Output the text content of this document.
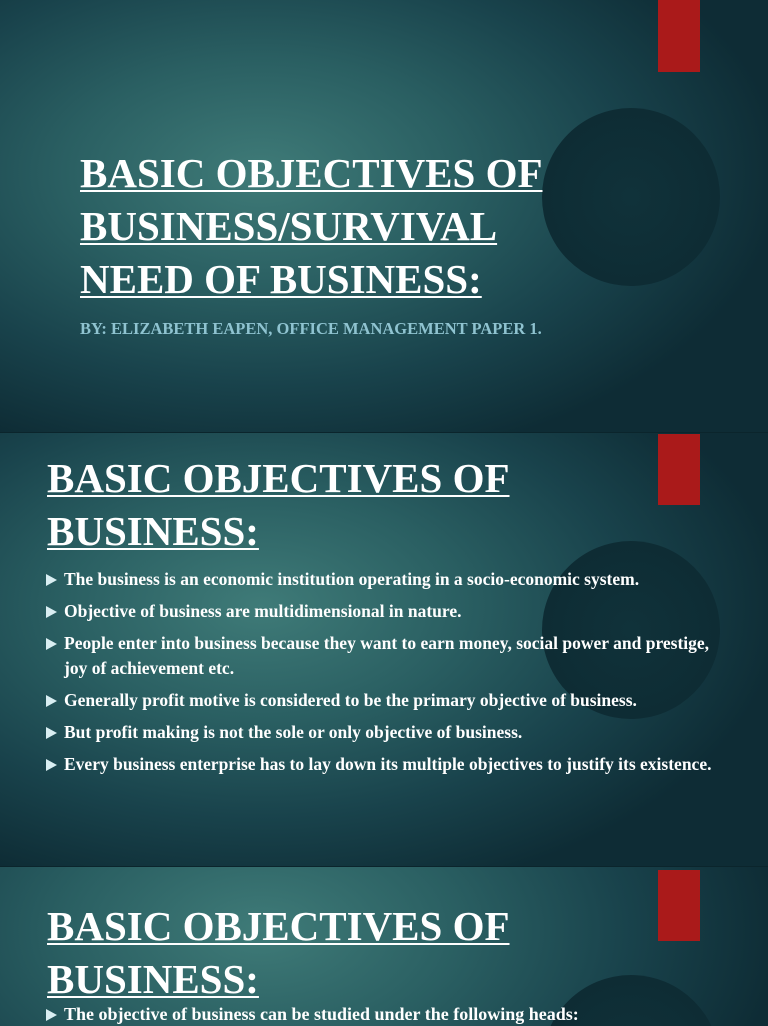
BASIC OBJECTIVES OF
BUSINESS/SURVIVAL
NEED OF BUSINESS:

BY: ELIZABETH EAPEN, OFFICE MANAGEMENT PAPER 1.

BASIC OBJECTIVES OF
BUSINESS:
The business is an economic institution operating in a socio-economic system.
Objective of business are multidimensional in nature.
People enter into business because they want to earn money, social power and prestige, joy of achievement etc.
Generally profit motive is considered to be the primary objective of business.
But profit making is not the sole or only objective of business.
Every business enterprise has to lay down its multiple objectives to justify its existence.
BASIC OBJECTIVES OF
BUSINESS:
The objective of business can be studied under the following heads:
